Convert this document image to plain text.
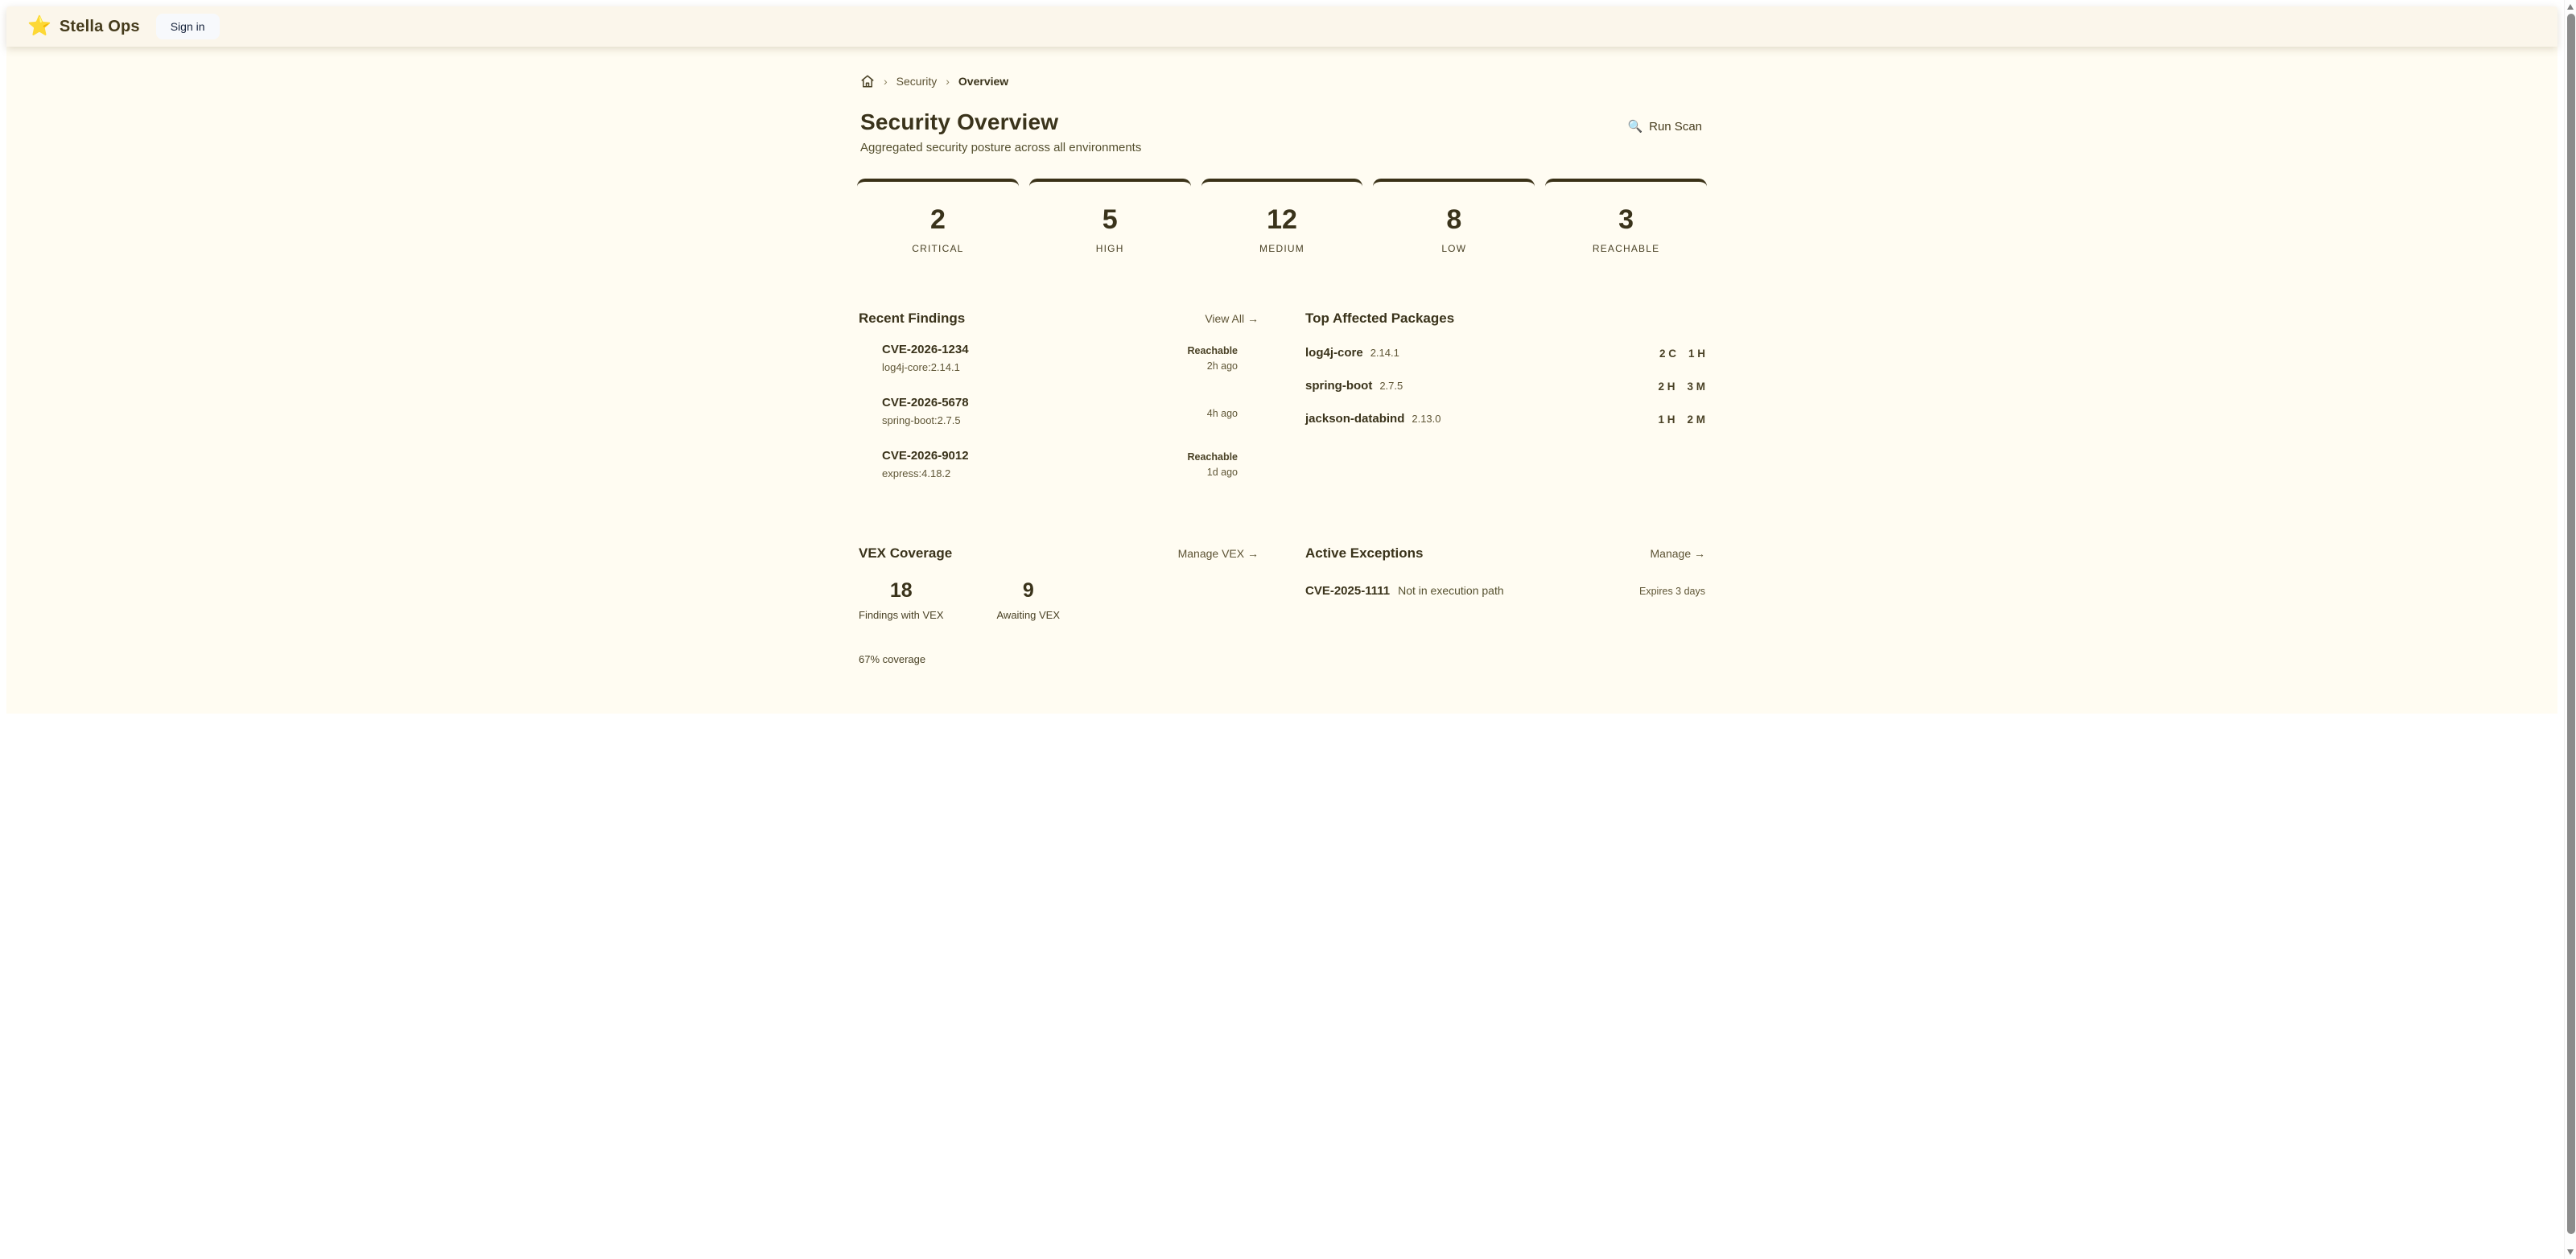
⭐ Stella Ops	Sign in
› Security › Overview
Security Overview
Aggregated security posture across all environments
🔍 Run Scan
2
CRITICAL
5
HIGH
12
MEDIUM
8
LOW
3
REACHABLE
Recent Findings	View All →
CVE-2026-1234
log4j-core:2.14.1
Reachable
2h ago
CVE-2026-5678
spring-boot:2.7.5
4h ago
CVE-2026-9012
express:4.18.2
Reachable
1d ago
Top Affected Packages
log4j-core 2.14.1	2 C 1 H
spring-boot 2.7.5	2 H 3 M
jackson-databind 2.13.0	1 H 2 M
VEX Coverage	Manage VEX →
18
Findings with VEX
9
Awaiting VEX
67% coverage
Active Exceptions	Manage →
CVE-2025-1111 Not in execution path	Expires 3 days
